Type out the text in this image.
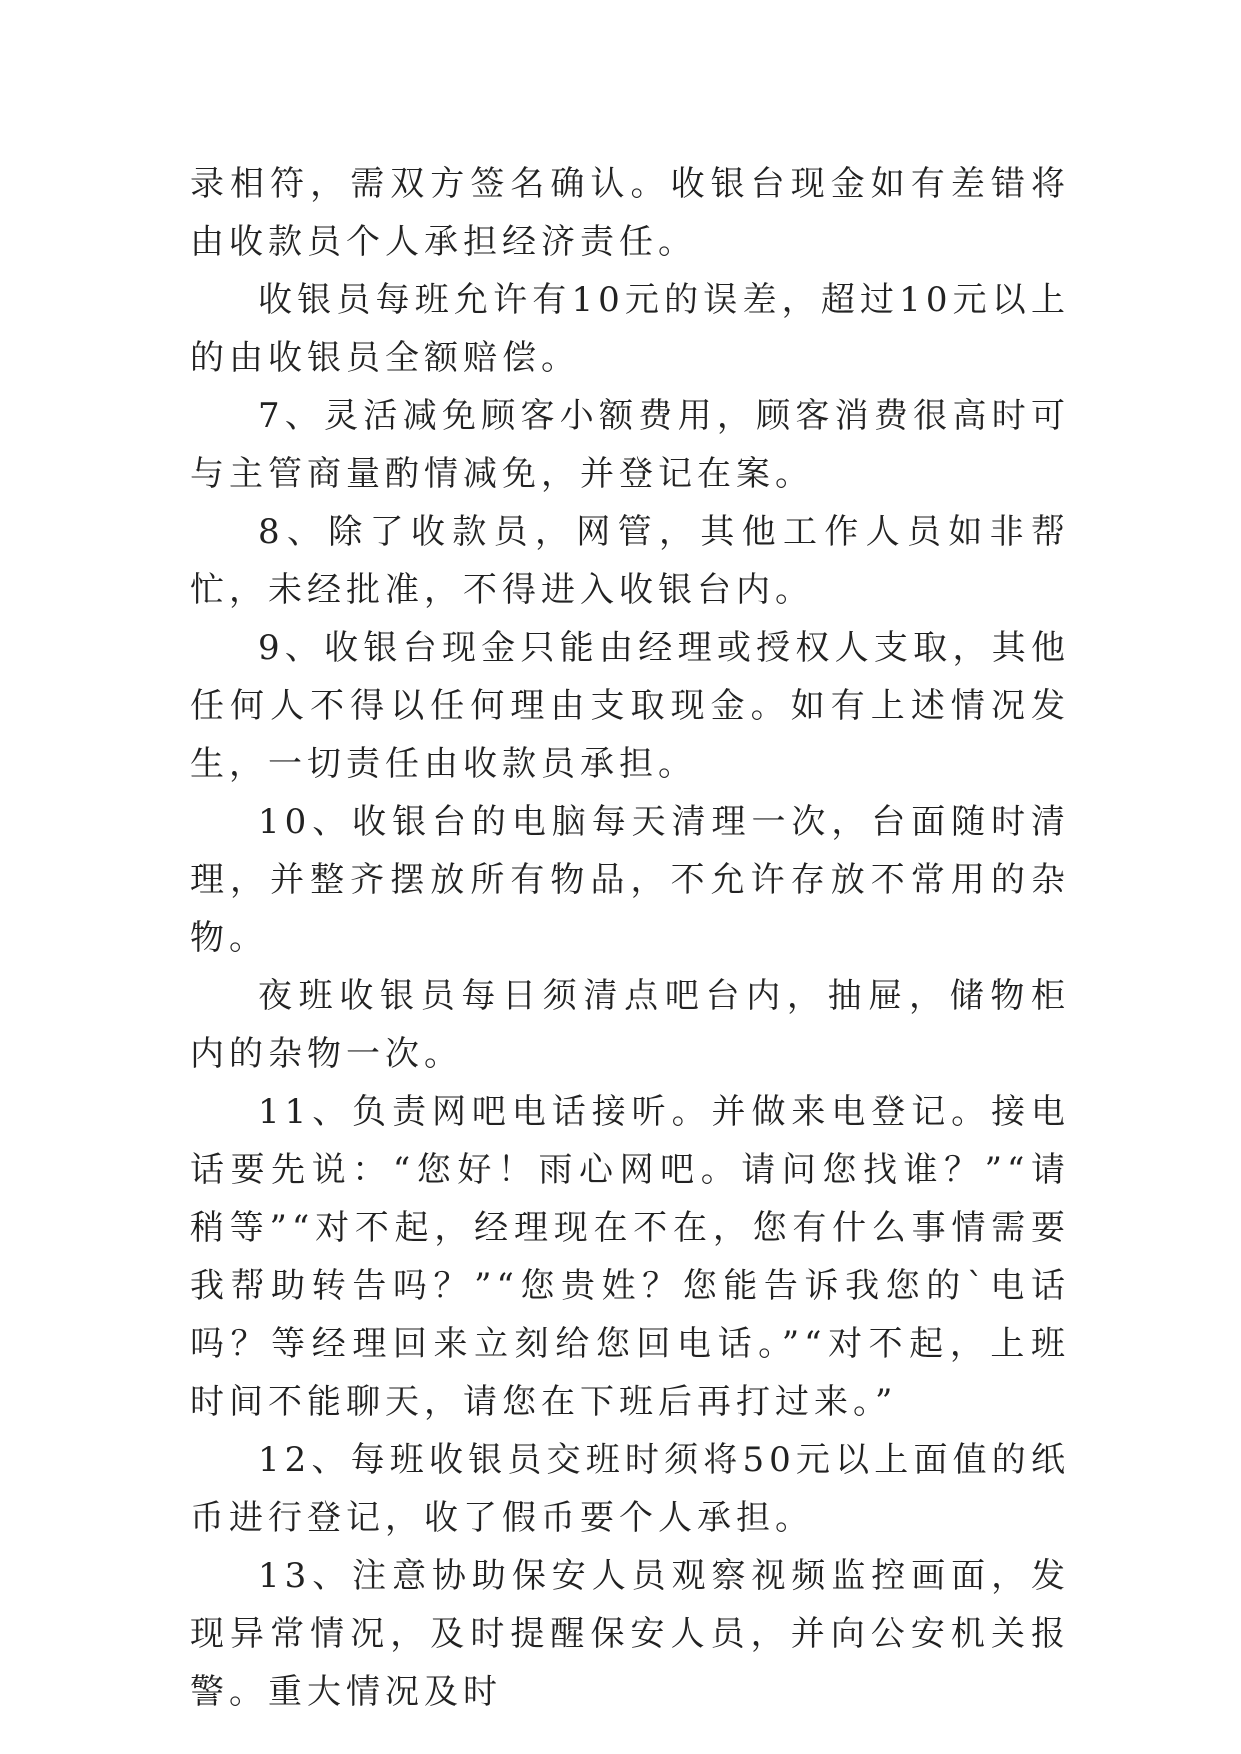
录相符，需双方签名确认。收银台现金如有差错将由收款员个人承担经济责任。

收银员每班允许有10元的误差，超过10元以上的由收银员全额赔偿。

7、灵活减免顾客小额费用，顾客消费很高时可与主管商量酌情减免，并登记在案。

8、除了收款员，网管，其他工作人员如非帮忙，未经批准，不得进入收银台内。

9、收银台现金只能由经理或授权人支取，其他任何人不得以任何理由支取现金。如有上述情况发生，一切责任由收款员承担。

10、收银台的电脑每天清理一次，台面随时清理，并整齐摆放所有物品，不允许存放不常用的杂物。

夜班收银员每日须清点吧台内，抽屉，储物柜内的杂物一次。

11、负责网吧电话接听。并做来电登记。接电话要先说：“您好！雨心网吧。请问您找谁？”“请稍等”“对不起，经理现在不在，您有什么事情需要我帮助转告吗？”“您贵姓？您能告诉我您的`电话吗？等经理回来立刻给您回电话。”“对不起，上班时间不能聊天，请您在下班后再打过来。”

12、每班收银员交班时须将50元以上面值的纸币进行登记，收了假币要个人承担。

13、注意协助保安人员观察视频监控画面，发现异常情况，及时提醒保安人员，并向公安机关报警。重大情况及时
